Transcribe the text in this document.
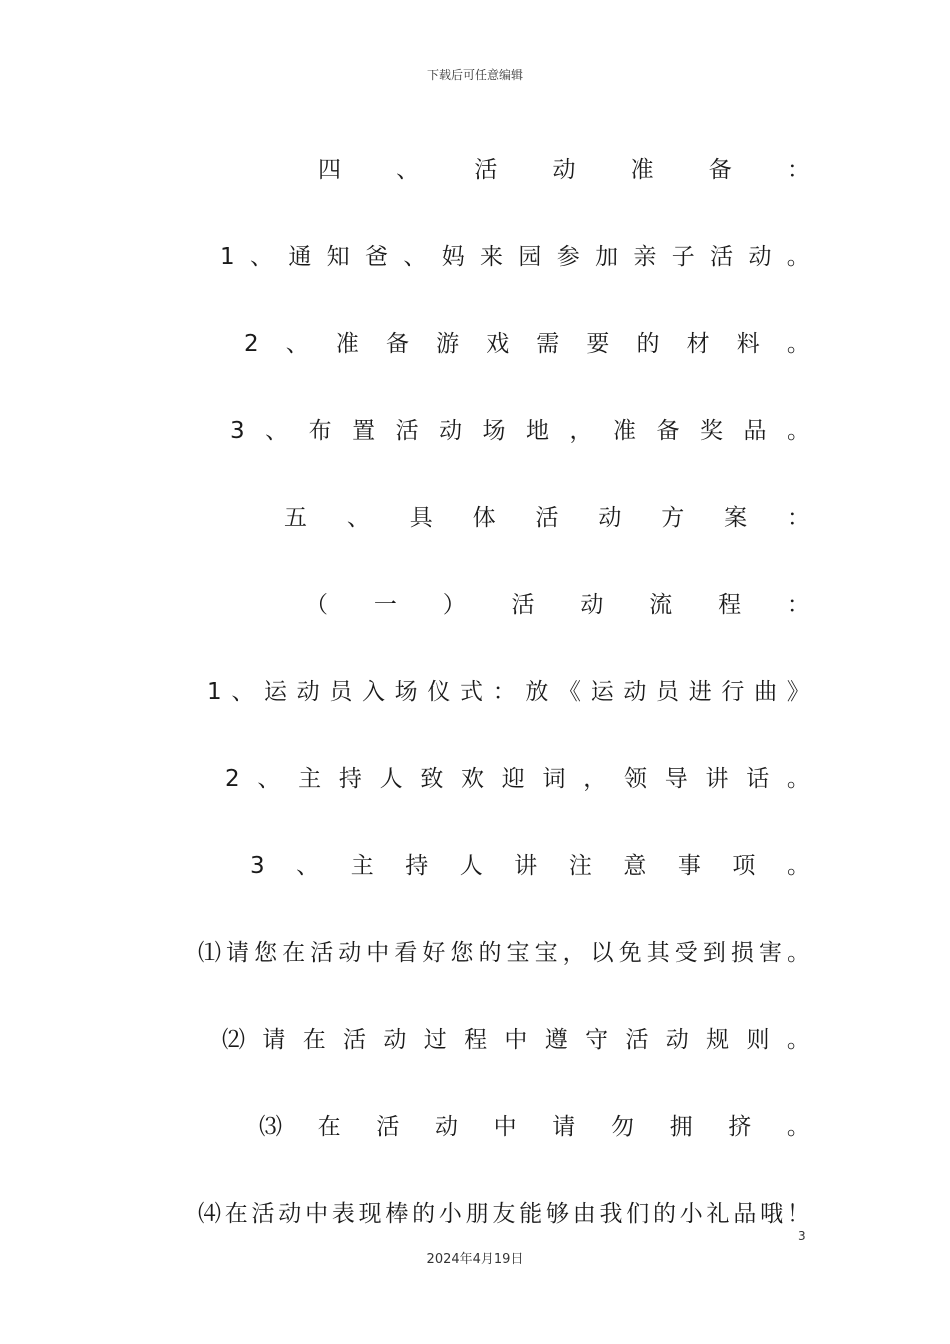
下载后可任意编辑
四 、 活 动 准 备 ：
1 、 通 知 爸 、 妈 来 园 参 加 亲 子 活 动 。
2 、 准 备 游 戏 需 要 的 材 料 。
3 、 布 置 活 动 场 地 ， 准 备 奖 品 。
五 、 具 体 活 动 方 案 ：
（ 一 ） 活 动 流 程 ：
1 、 运 动 员 入 场 仪 式 ： 放 《 运 动 员 进 行 曲 》
2 、 主 持 人 致 欢 迎 词 ， 领 导 讲 话 。
3 、 主 持 人 讲 注 意 事 项 。
⑴ 请 您 在 活 动 中 看 好 您 的 宝 宝 ， 以 免 其 受 到 损 害 。
⑵ 请 在 活 动 过 程 中 遵 守 活 动 规 则 。
⑶ 在 活 动 中 请 勿 拥 挤 。
⑷ 在 活 动 中 表 现 棒 的 小 朋 友 能 够 由 我 们 的 小 礼 品 哦 ！
3
2024年4月19日
